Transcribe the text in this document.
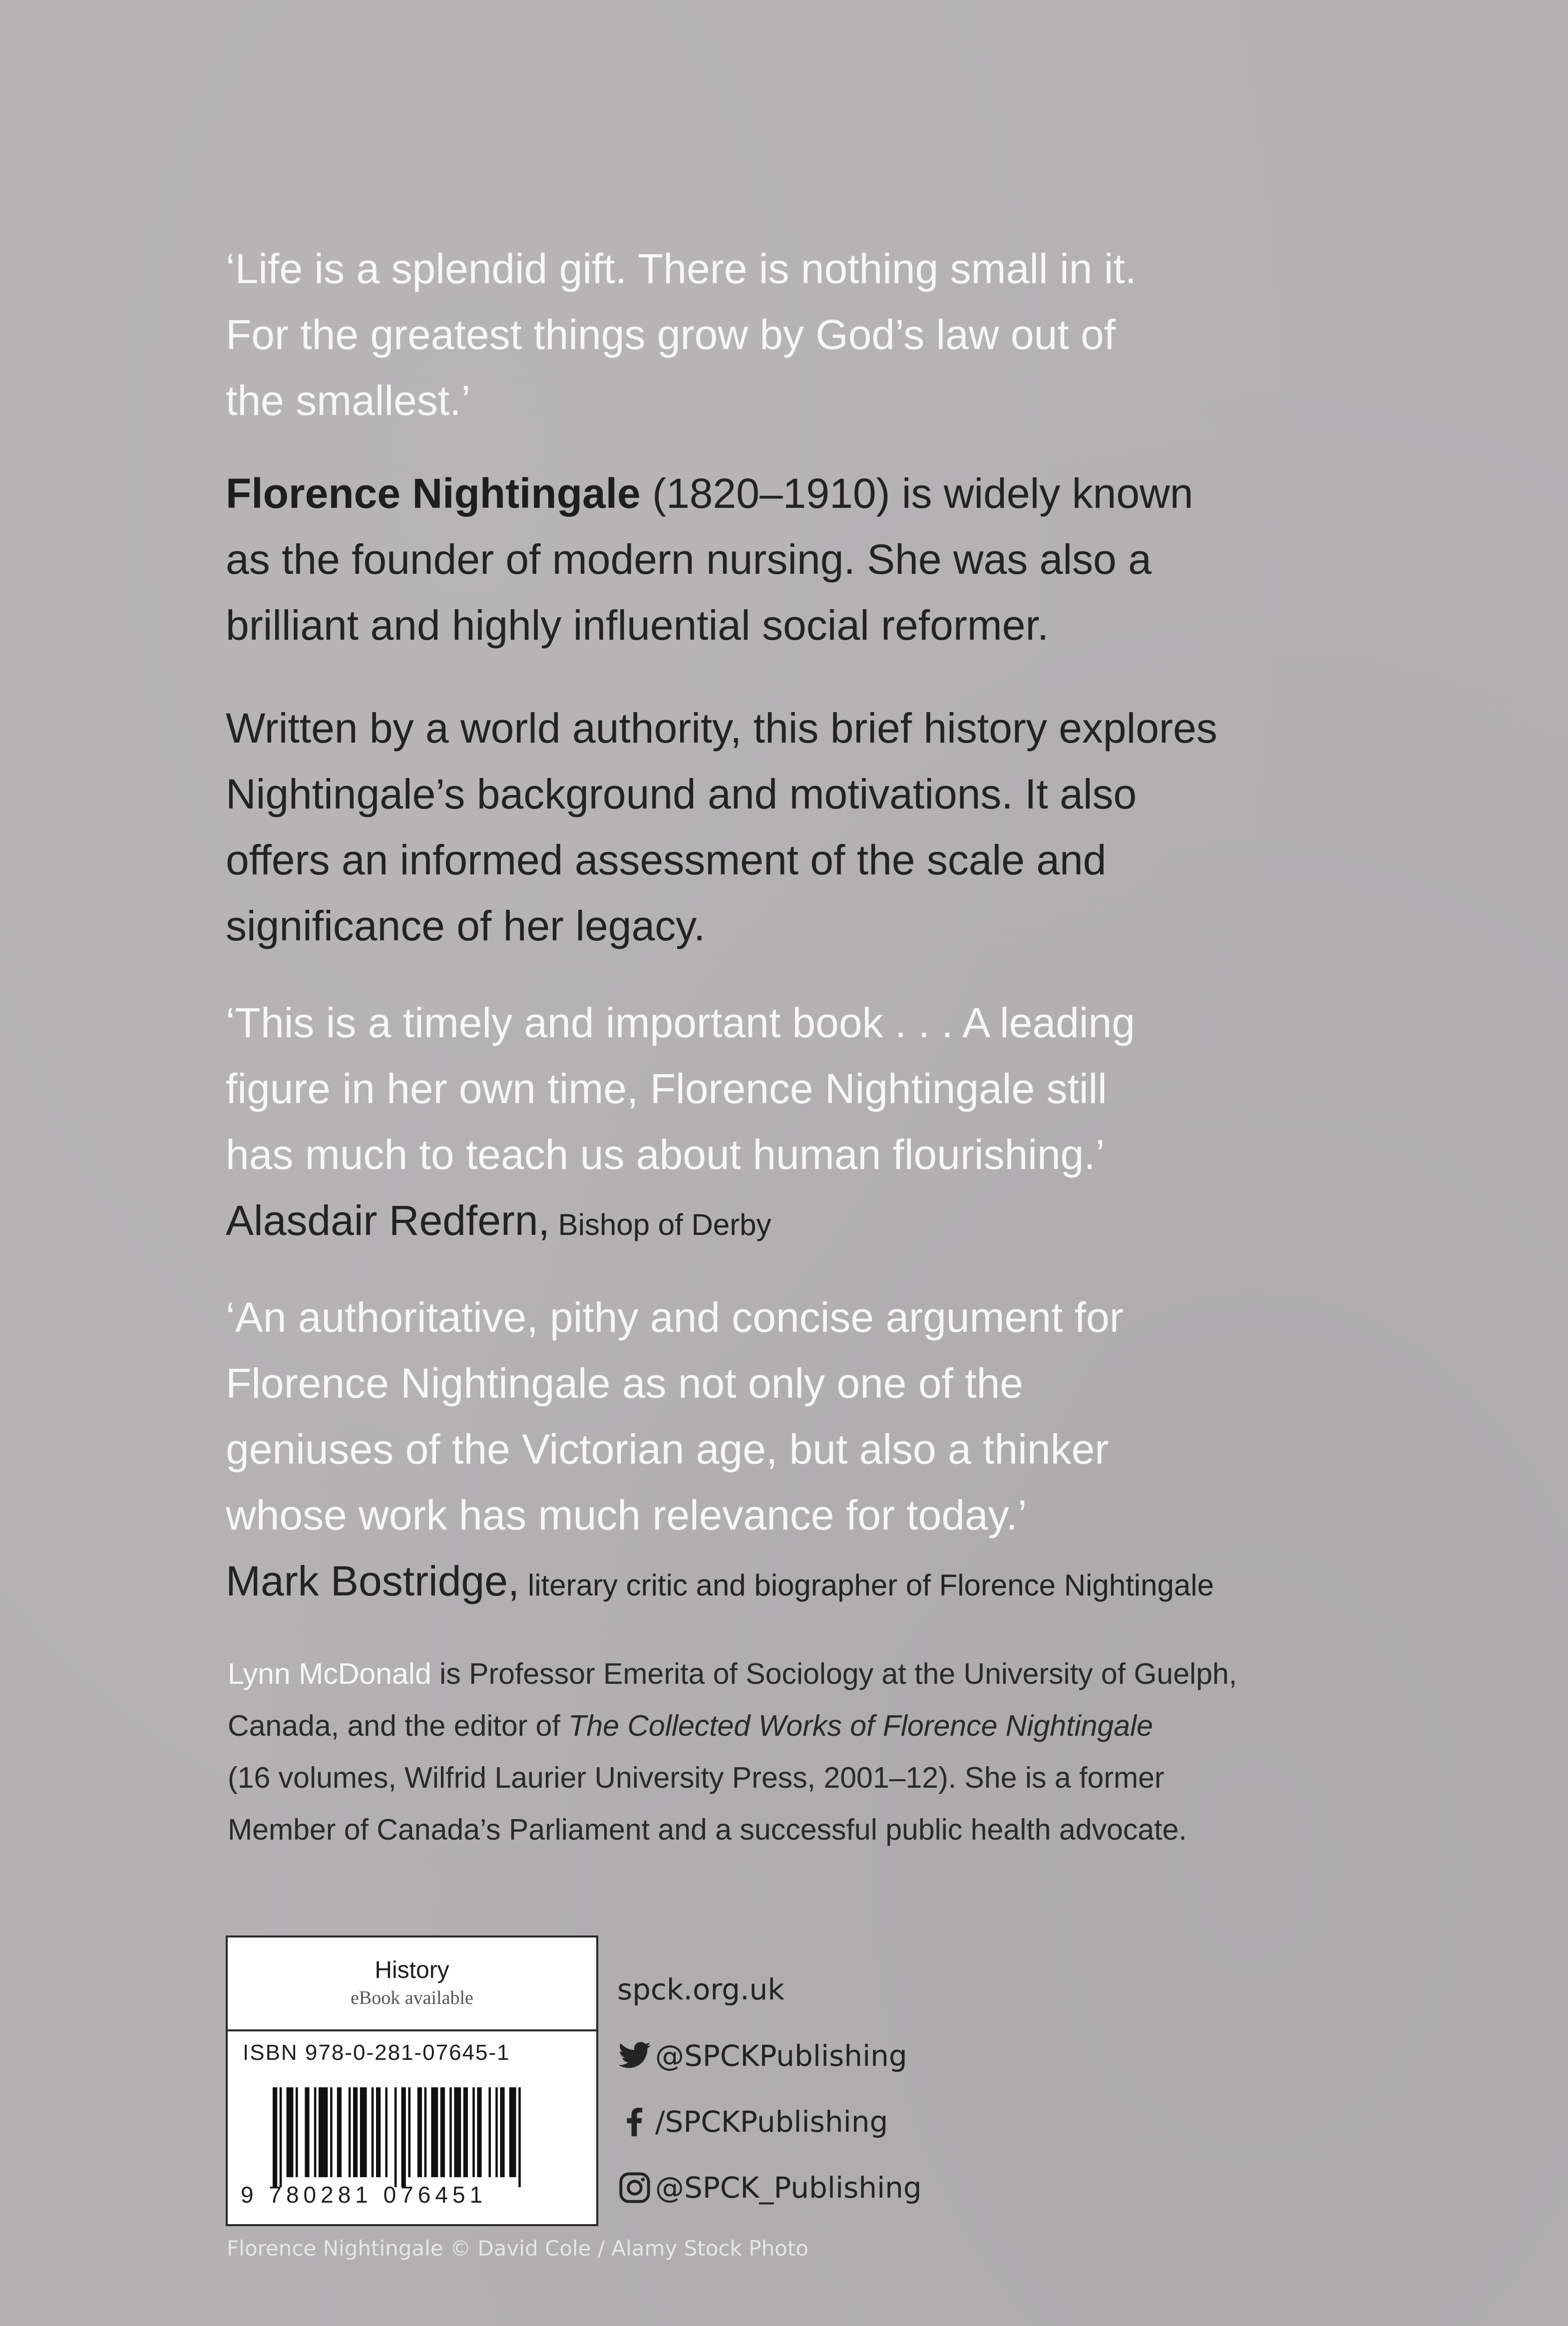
‘Life is a splendid gift. There is nothing small in it.
For the greatest things grow by God’s law out of
the smallest.’
Florence Nightingale (1820–1910) is widely known
as the founder of modern nursing. She was also a
brilliant and highly influential social reformer.
Written by a world authority, this brief history explores
Nightingale’s background and motivations. It also
offers an informed assessment of the scale and
significance of her legacy.
‘This is a timely and important book . . . A leading
figure in her own time, Florence Nightingale still
has much to teach us about human flourishing.’
Alasdair Redfern, Bishop of Derby
‘An authoritative, pithy and concise argument for
Florence Nightingale as not only one of the
geniuses of the Victorian age, but also a thinker
whose work has much relevance for today.’
Mark Bostridge, literary critic and biographer of Florence Nightingale
Lynn McDonald is Professor Emerita of Sociology at the University of Guelph,
Canada, and the editor of The Collected Works of Florence Nightingale
(16 volumes, Wilfrid Laurier University Press, 2001–12). She is a former
Member of Canada’s Parliament and a successful public health advocate.
History
eBook available
ISBN 978-0-281-07645-1
9 780281 076451
spck.org.uk
@SPCKPublishing
/SPCKPublishing
@SPCK_Publishing
Florence Nightingale © David Cole / Alamy Stock Photo
